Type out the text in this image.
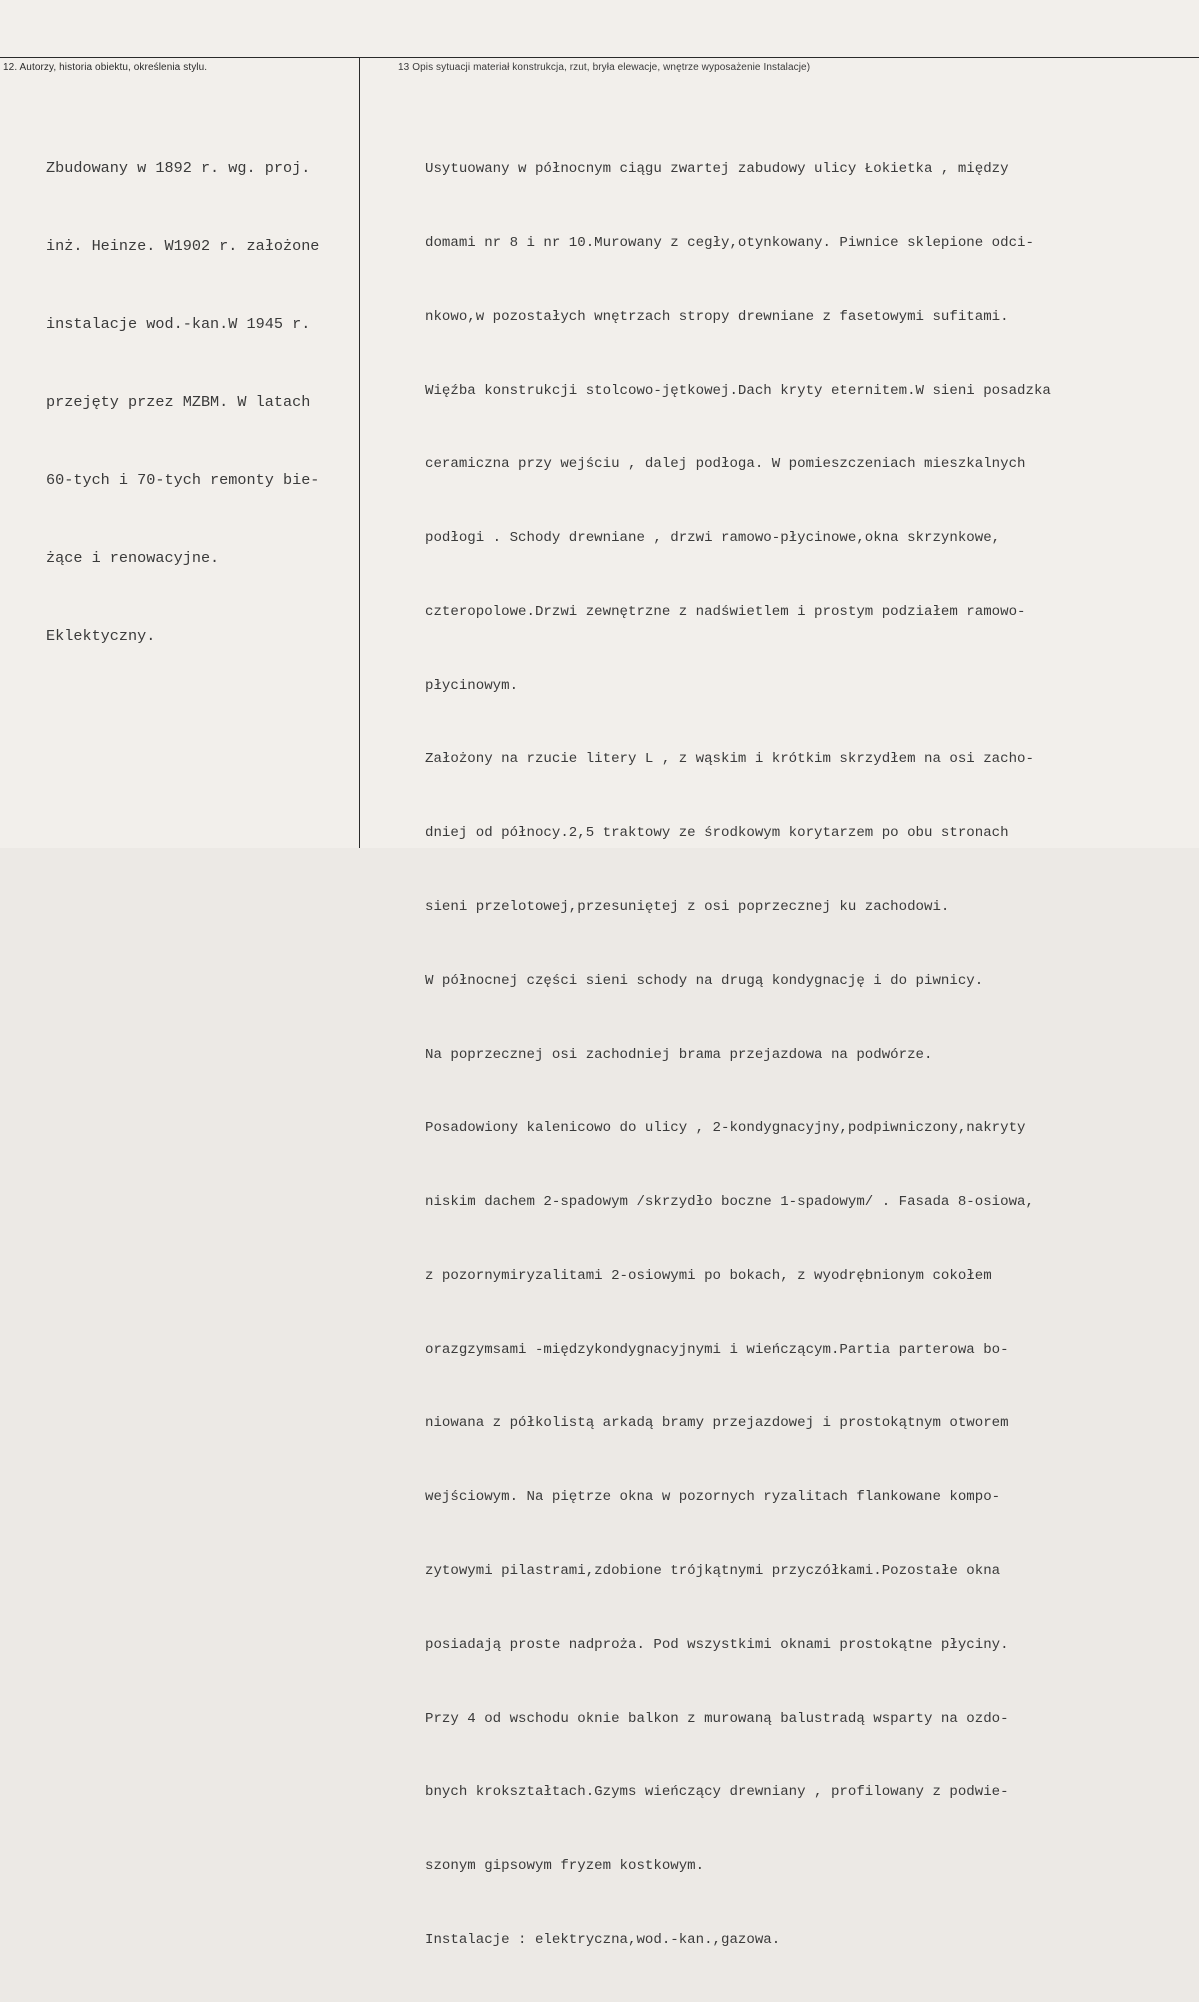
12. Autorzy, historia obiektu, określenia stylu.	13 Opis sytuacji materiał konstrukcja, rzut, bryła elewacje, wnętrze wyposażenie Instalacje)

Zbudowany w 1892 r. wg. proj.

inż. Heinze. W1902 r. założone

instalacje wod.-kan.W 1945 r.

przejęty przez MZBM. W latach

60-tych i 70-tych remonty bie-

żące i renowacyjne.

Eklektyczny.

Usytuowany w północnym ciągu zwartej zabudowy ulicy Łokietka , między

domami nr 8 i nr 10.Murowany z cegły,otynkowany. Piwnice sklepione odci-

nkowo,w pozostałych wnętrzach stropy drewniane z fasetowymi sufitami.

Więźba konstrukcji stolcowo-jętkowej.Dach kryty eternitem.W sieni posadzka

ceramiczna przy wejściu , dalej podłoga. W pomieszczeniach mieszkalnych

podłogi . Schody drewniane , drzwi ramowo-płycinowe,okna skrzynkowe,

czteropolowe.Drzwi zewnętrzne z nadświetlem i prostym podziałem ramowo-

płycinowym.

Założony na rzucie litery L , z wąskim i krótkim skrzydłem na osi zacho-

dniej od północy.2,5 traktowy ze środkowym korytarzem po obu stronach

sieni przelotowej,przesuniętej z osi poprzecznej ku zachodowi.

W północnej części sieni schody na drugą kondygnację i do piwnicy.

Na poprzecznej osi zachodniej brama przejazdowa na podwórze.

Posadowiony kalenicowo do ulicy , 2-kondygnacyjny,podpiwniczony,nakryty

niskim dachem 2-spadowym /skrzydło boczne 1-spadowym/ . Fasada 8-osiowa,

z pozornymiryzalitami 2-osiowymi po bokach, z wyodrębnionym cokołem

orazgzymsami -międzykondygnacyjnymi i wieńczącym.Partia parterowa bo-

niowana z półkolistą arkadą bramy przejazdowej i prostokątnym otworem

wejściowym. Na piętrze okna w pozornych ryzalitach flankowane kompo-

zytowymi pilastrami,zdobione trójkątnymi przyczółkami.Pozostałe okna

posiadają proste nadproża. Pod wszystkimi oknami prostokątne płyciny.

Przy 4 od wschodu oknie balkon z murowaną balustradą wsparty na ozdo-

bnych krokształtach.Gzyms wieńczący drewniany , profilowany z podwie-

szonym gipsowym fryzem kostkowym.

Instalacje : elektryczna,wod.-kan.,gazowa.
